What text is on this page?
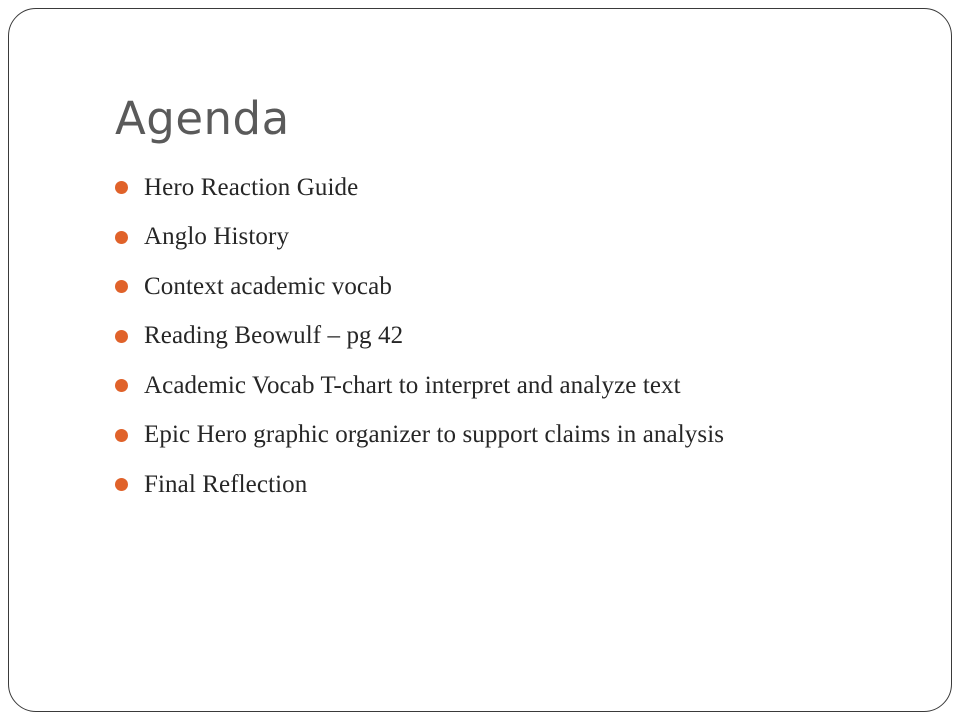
Agenda
Hero Reaction Guide
Anglo History
Context academic vocab
Reading Beowulf – pg 42
Academic Vocab T-chart to interpret and analyze text
Epic Hero graphic organizer to support claims in analysis
Final Reflection
